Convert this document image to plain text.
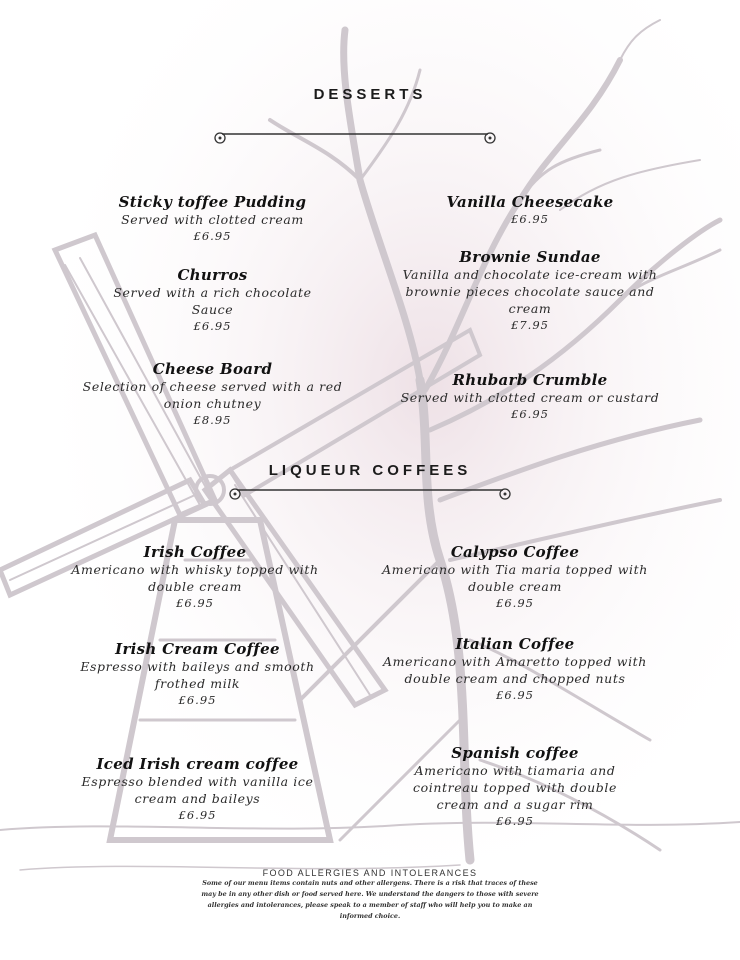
DESSERTS
Sticky toffee Pudding
Served with clotted cream
£6.95
Churros
Served with a rich chocolate Sauce
£6.95
Cheese Board
Selection of cheese served with a red onion chutney
£8.95
Vanilla Cheesecake
£6.95
Brownie Sundae
Vanilla and chocolate ice-cream with brownie pieces chocolate sauce and cream
£7.95
Rhubarb Crumble
Served with clotted cream or custard
£6.95
LIQUEUR COFFEES
Irish Coffee
Americano with whisky topped with double cream
£6.95
Irish Cream Coffee
Espresso with baileys and smooth frothed milk
£6.95
Iced Irish cream coffee
Espresso blended with vanilla ice cream and baileys
£6.95
Calypso Coffee
Americano with Tia maria topped with double cream
£6.95
Italian Coffee
Americano with Amaretto topped with double cream and chopped nuts
£6.95
Spanish coffee
Americano with tiamaria and cointreau topped with double cream and a sugar rim
£6.95
FOOD ALLERGIES AND INTOLERANCES
Some of our menu items contain nuts and other allergens. There is a risk that traces of these may be in any other dish or food served here. We understand the dangers to those with severe allergies and intolerances, please speak to a member of staff who will help you to make an informed choice.
